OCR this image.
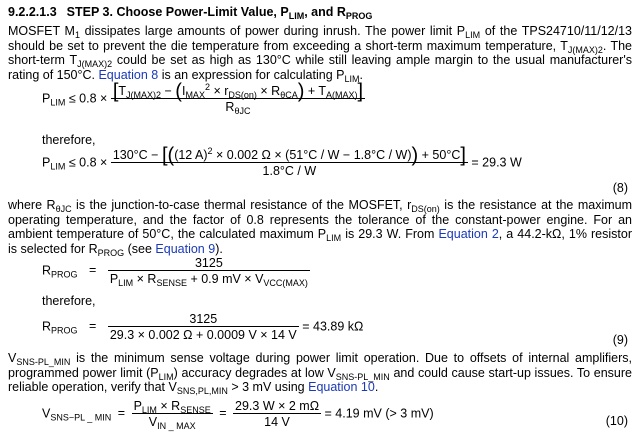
9.2.2.1.3 STEP 3. Choose Power-Limit Value, $P_{LIM}$, and $R_{PROG}$

MOSFET $M_1$ dissipates large amounts of power during inrush. The power limit $P_{LIM}$ of the TPS24710/11/12/13 should be set to prevent the die temperature from exceeding a short-term maximum temperature, $T_{J(MAX)2}$. The short-term $T_{J(MAX)2}$ could be set as high as 130°C while still leaving ample margin to the usual manufacturer's rating of 150°C. Equation 8 is an expression for calculating $P_{LIM}$.

$P_{LIM} \le 0.8 \times \frac{[T_{J(MAX)2} - (I_{MAX}^2 \times r_{DS(on)} \times R_{\theta CA}) + T_{A(MAX)}]}{R_{\theta JC}}$
therefore,
$P_{LIM} \le 0.8$ ×
130°C − [((12 A)$^2$ × 0.002 Ω × (51°C / W − 1.8°C / W)) + 50°C]
1.8°C / W
= 29.3 W
(8)

where $R_{\theta JC}$ is the junction-to-case thermal resistance of the MOSFET, $r_{DS(on)}$ is the resistance at the maximum operating temperature, and the factor of 0.8 represents the tolerance of the constant-power engine. For an ambient temperature of 50°C, the calculated maximum $P_{LIM}$ is 29.3 W. From Equation 2, a 44.2-kΩ, 1% resistor is selected for $R_{PROG}$ (see Equation 9).

$R_{PROG} = \frac{3125}{P_{LIM} \times R_{SENSE} + 0.9 mV \times V_{VCC(MAX)}}$
therefore,
$R_{PROG} = \frac{3125}{29.3 \times 0.002 \Omega + 0.0009 V \times 14 V} = 43.89$ kΩ
(9)

$V_{SNS-PL\_MIN}$ is the minimum sense voltage during power limit operation. Due to offsets of internal amplifiers, programmed power limit $(P_{LIM})$ accuracy degrades at low $V_{SNS-PL\_MIN}$ and could cause start-up issues. To ensure reliable operation, verify that $V_{SNS,PL,MIN} > 3$ mV using Equation 10.

$V_{SNS-PL \_ MIN} = \frac{P_{LIM} \times R_{SENSE}}{V_{IN \_ MAX}} = \frac{29.3 W \times 2 m\Omega}{14 V} = 4.19$ mV (> 3 mV)
(10)
